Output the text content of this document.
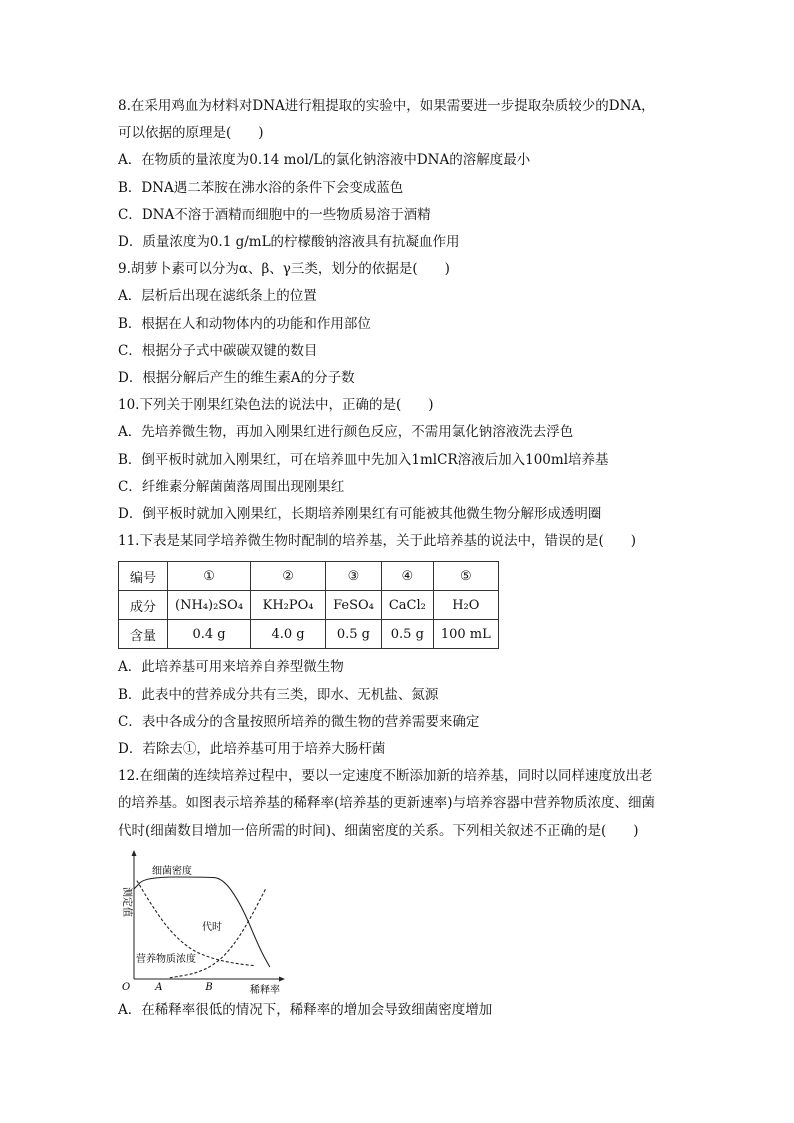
8.在采用鸡血为材料对DNA进行粗提取的实验中，如果需要进一步提取杂质较少的DNA，

可以依据的原理是(　　)

A．在物质的量浓度为0.14 mol/L的氯化钠溶液中DNA的溶解度最小

B．DNA遇二苯胺在沸水浴的条件下会变成蓝色

C．DNA不溶于酒精而细胞中的一些物质易溶于酒精

D．质量浓度为0.1 g/mL的柠檬酸钠溶液具有抗凝血作用

9.胡萝卜素可以分为α、β、γ三类，划分的依据是(　　)

A．层析后出现在滤纸条上的位置

B．根据在人和动物体内的功能和作用部位

C．根据分子式中碳碳双键的数目

D．根据分解后产生的维生素A的分子数

10.下列关于刚果红染色法的说法中，正确的是(　　)

A．先培养微生物，再加入刚果红进行颜色反应，不需用氯化钠溶液洗去浮色

B．倒平板时就加入刚果红，可在培养皿中先加入1mlCR溶液后加入100ml培养基

C．纤维素分解菌菌落周围出现刚果红

D．倒平板时就加入刚果红，长期培养刚果红有可能被其他微生物分解形成透明圈

11.下表是某同学培养微生物时配制的培养基，关于此培养基的说法中，错误的是(　　)

编号	①	②	③	④	⑤
成分	(NH₄)₂SO₄	KH₂PO₄	FeSO₄	CaCl₂	H₂O
含量	0.4 g	4.0 g	0.5 g	0.5 g	100 mL

A．此培养基可用来培养自养型微生物

B．此表中的营养成分共有三类，即水、无机盐、氮源

C．表中各成分的含量按照所培养的微生物的营养需要来确定

D．若除去①，此培养基可用于培养大肠杆菌

12.在细菌的连续培养过程中，要以一定速度不断添加新的培养基，同时以同样速度放出老

的培养基。如图表示培养基的稀释率(培养基的更新速率)与培养容器中营养物质浓度、细菌

代时(细菌数目增加一倍所需的时间)、细菌密度的关系。下列相关叙述不正确的是(　　)

测定值
稀释率
O	A	B
细菌密度
代时
营养物质浓度

A．在稀释率很低的情况下，稀释率的增加会导致细菌密度增加
